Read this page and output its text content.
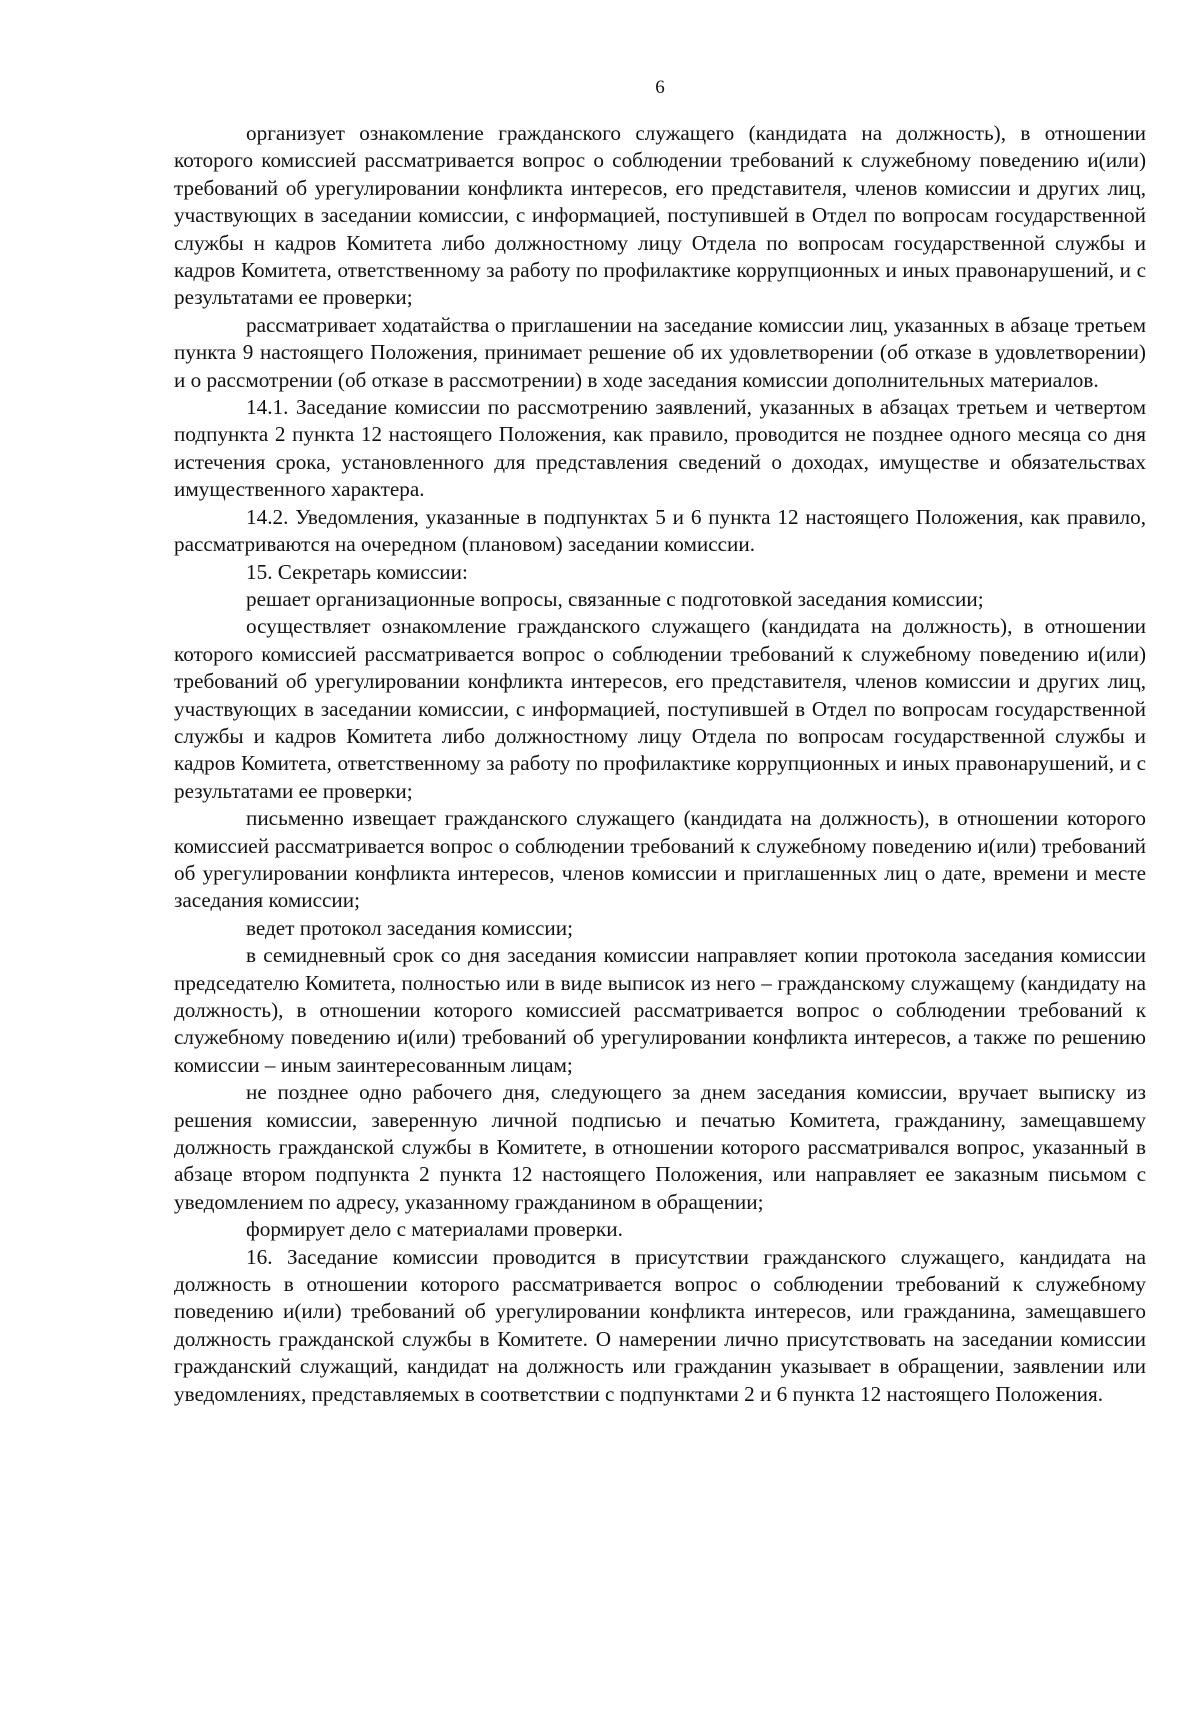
6

организует ознакомление гражданского служащего (кандидата на должность), в отношении которого комиссией рассматривается вопрос о соблюдении требований к служебному поведению и(или) требований об урегулировании конфликта интересов, его представителя, членов комиссии и других лиц, участвующих в заседании комиссии, с информацией, поступившей в Отдел по вопросам государственной службы н кадров Комитета либо должностному лицу Отдела по вопросам государственной службы и кадров Комитета, ответственному за работу по профилактике коррупционных и иных правонарушений, и с результатами ее проверки;

рассматривает ходатайства о приглашении на заседание комиссии лиц, указанных в абзаце третьем пункта 9 настоящего Положения, принимает решение об их удовлетворении (об отказе в удовлетворении) и о рассмотрении (об отказе в рассмотрении) в ходе заседания комиссии дополнительных материалов.

14.1. Заседание комиссии по рассмотрению заявлений, указанных в абзацах третьем и четвертом подпункта 2 пункта 12 настоящего Положения, как правило, проводится не позднее одного месяца со дня истечения срока, установленного для представления сведений о доходах, имуществе и обязательствах имущественного характера.

14.2. Уведомления, указанные в подпунктах 5 и 6 пункта 12 настоящего Положения, как правило, рассматриваются на очередном (плановом) заседании комиссии.

15. Секретарь комиссии:

решает организационные вопросы, связанные с подготовкой заседания комиссии;

осуществляет ознакомление гражданского служащего (кандидата на должность), в отношении которого комиссией рассматривается вопрос о соблюдении требований к служебному поведению и(или) требований об урегулировании конфликта интересов, его представителя, членов комиссии и других лиц, участвующих в заседании комиссии, с информацией, поступившей в Отдел по вопросам государственной службы и кадров Комитета либо должностному лицу Отдела по вопросам государственной службы и кадров Комитета, ответственному за работу по профилактике коррупционных и иных правонарушений, и с результатами ее проверки;

письменно извещает гражданского служащего (кандидата на должность), в отношении которого комиссией рассматривается вопрос о соблюдении требований к служебному поведению и(или) требований об урегулировании конфликта интересов, членов комиссии и приглашенных лиц о дате, времени и месте заседания комиссии;

ведет протокол заседания комиссии;

в семидневный срок со дня заседания комиссии направляет копии протокола заседания комиссии председателю Комитета, полностью или в виде выписок из него – гражданскому служащему (кандидату на должность), в отношении которого комиссией рассматривается вопрос о соблюдении требований к служебному поведению и(или) требований об урегулировании конфликта интересов, а также по решению комиссии – иным заинтересованным лицам;

не позднее одно рабочего дня, следующего за днем заседания комиссии, вручает выписку из решения комиссии, заверенную личной подписью и печатью Комитета, гражданину, замещавшему должность гражданской службы в Комитете, в отношении которого рассматривался вопрос, указанный в абзаце втором подпункта 2 пункта 12 настоящего Положения, или направляет ее заказным письмом с уведомлением по адресу, указанному гражданином в обращении;

формирует дело с материалами проверки.

16. Заседание комиссии проводится в присутствии гражданского служащего, кандидата на должность в отношении которого рассматривается вопрос о соблюдении требований к служебному поведению и(или) требований об урегулировании конфликта интересов, или гражданина, замещавшего должность гражданской службы в Комитете. О намерении лично присутствовать на заседании комиссии гражданский служащий, кандидат на должность или гражданин указывает в обращении, заявлении или уведомлениях, представляемых в соответствии с подпунктами 2 и 6 пункта 12 настоящего Положения.
